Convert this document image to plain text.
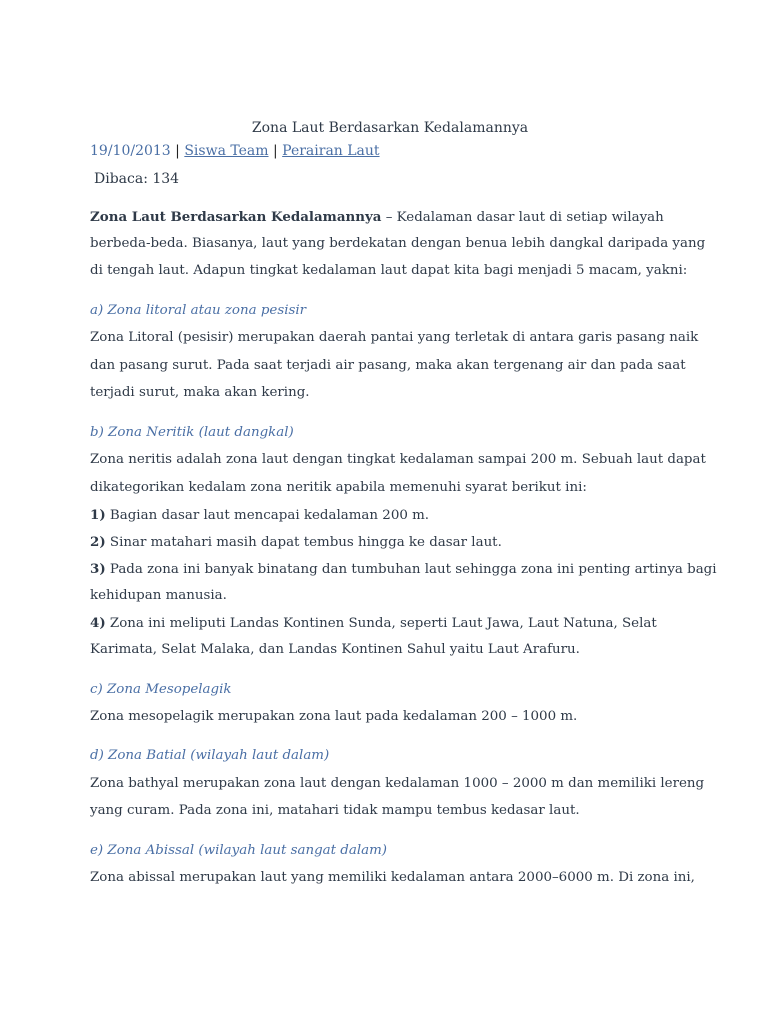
Zona Laut Berdasarkan Kedalamannya
19/10/2013 | Siswa Team | Perairan Laut
Dibaca: 134
Zona Laut Berdasarkan Kedalamannya – Kedalaman dasar laut di setiap wilayah
berbeda-beda. Biasanya, laut yang berdekatan dengan benua lebih dangkal daripada yang
di tengah laut. Adapun tingkat kedalaman laut dapat kita bagi menjadi 5 macam, yakni:
a) Zona litoral atau zona pesisir
Zona Litoral (pesisir) merupakan daerah pantai yang terletak di antara garis pasang naik
dan pasang surut. Pada saat terjadi air pasang, maka akan tergenang air dan pada saat
terjadi surut, maka akan kering.
b) Zona Neritik (laut dangkal)
Zona neritis adalah zona laut dengan tingkat kedalaman sampai 200 m. Sebuah laut dapat
dikategorikan kedalam zona neritik apabila memenuhi syarat berikut ini:
1) Bagian dasar laut mencapai kedalaman 200 m.
2) Sinar matahari masih dapat tembus hingga ke dasar laut.
3) Pada zona ini banyak binatang dan tumbuhan laut sehingga zona ini penting artinya bagi
kehidupan manusia.
4) Zona ini meliputi Landas Kontinen Sunda, seperti Laut Jawa, Laut Natuna, Selat
Karimata, Selat Malaka, dan Landas Kontinen Sahul yaitu Laut Arafuru.
c) Zona Mesopelagik
Zona mesopelagik merupakan zona laut pada kedalaman 200 – 1000 m.
d) Zona Batial (wilayah laut dalam)
Zona bathyal merupakan zona laut dengan kedalaman 1000 – 2000 m dan memiliki lereng
yang curam. Pada zona ini, matahari tidak mampu tembus kedasar laut.
e) Zona Abissal (wilayah laut sangat dalam)
Zona abissal merupakan laut yang memiliki kedalaman antara 2000–6000 m. Di zona ini,
